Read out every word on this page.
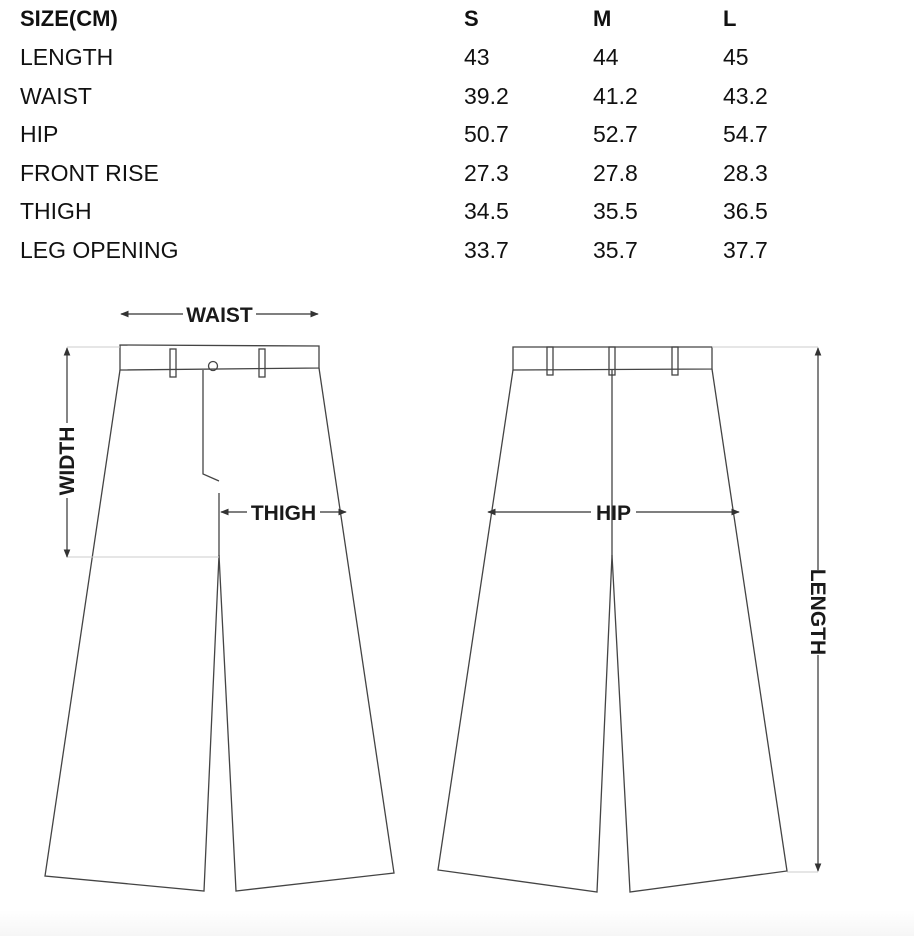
SIZE(CM)	S	M	L
LENGTH	43	44	45
WAIST	39.2	41.2	43.2
HIP	50.7	52.7	54.7
FRONT RISE	27.3	27.8	28.3
THIGH	34.5	35.5	36.5
LEG OPENING	33.7	35.7	37.7
WAIST
WIDTH
THIGH	HIP
LENGTH
